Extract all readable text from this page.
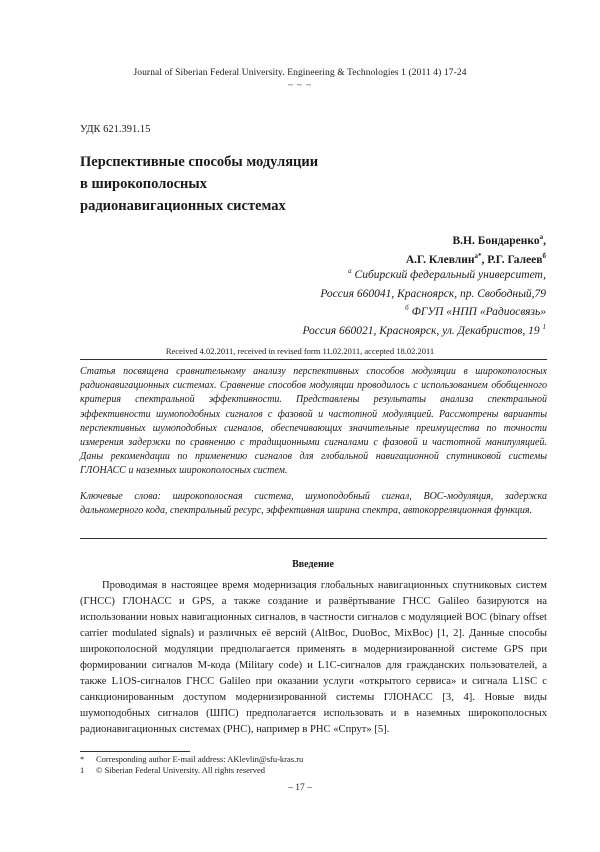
Journal of Siberian Federal University. Engineering & Technologies 1 (2011 4) 17-24
~ ~ ~
УДК 621.391.15
Перспективные способы модуляции
в широкополосных
радионавигационных системах
В.Н. Бондаренко$^а$,
А.Г. Клевлин$^{а*}$, Р.Г. Галеев$^б$
$^а$ Сибирский федеральный университет,
Россия 660041, Красноярск, пр. Свободный,79
$^б$ ФГУП «НПП «Радиосвязь»
Россия 660021, Красноярск, ул. Декабристов, 19 $^1$
Received 4.02.2011, received in revised form 11.02.2011, accepted 18.02.2011
Статья посвящена сравнительному анализу перспективных способов модуляции в широкополосных радионавигационных системах. Сравнение способов модуляции проводилось с использованием обобщенного критерия спектральной эффективности. Представлены результаты анализа спектральной эффективности шумоподобных сигналов с фазовой и частотной модуляцией. Рассмотрены варианты перспективных шумоподобных сигналов, обеспечивающих значительные преимущества по точности измерения задержки по сравнению с традиционными сигналами с фазовой и частотной манипуляцией. Даны рекомендации по применению сигналов для глобальной навигационной спутниковой системы ГЛОНАСС и наземных широкополосных систем.
Ключевые слова: широкополосная система, шумоподобный сигнал, BOC-модуляция, задержка дальномерного кода, спектральный ресурс, эффективная ширина спектра, автокорреляционная функция.
Введение
Проводимая в настоящее время модернизация глобальных навигационных спутниковых систем (ГНСС) ГЛОНАСС и GPS, а также создание и развёртывание ГНСС Galileo базируются на использовании новых навигационных сигналов, в частности сигналов с модуляцией BOC (binary offset carrier modulated signals) и различных её версий (AltBoc, DuoBoc, MixBoc) [1, 2]. Данные способы широкополосной модуляции предполагается применять в модернизированной системе GPS при формировании сигналов M-кода (Military code) и L1C-сигналов для гражданских пользователей, а также L1OS-сигналов ГНСС Galileo при оказании услуги «открытого сервиса» и сигнала L1SC с санкционированным доступом модернизированной системы ГЛОНАСС [3, 4]. Новые виды шумоподобных сигналов (ШПС) предполагается использовать и в наземных широкополосных радионавигационных системах (РНС), например в РНС «Спрут» [5].
* Corresponding author E-mail address: AKlevlin@sfu-kras.ru
1 © Siberian Federal University. All rights reserved
– 17 –
